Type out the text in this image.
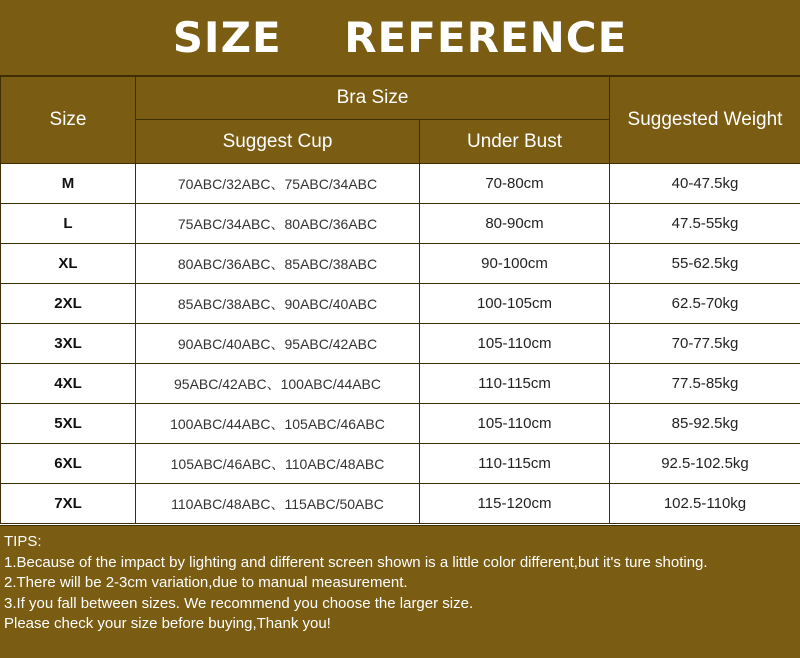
SIZE    REFERENCE
Size	Bra Size		Suggested Weight
	Suggest Cup	Under Bust	
M	70ABC/32ABC、75ABC/34ABC	70-80cm	40-47.5kg
L	75ABC/34ABC、80ABC/36ABC	80-90cm	47.5-55kg
XL	80ABC/36ABC、85ABC/38ABC	90-100cm	55-62.5kg
2XL	85ABC/38ABC、90ABC/40ABC	100-105cm	62.5-70kg
3XL	90ABC/40ABC、95ABC/42ABC	105-110cm	70-77.5kg
4XL	95ABC/42ABC、100ABC/44ABC	110-115cm	77.5-85kg
5XL	100ABC/44ABC、105ABC/46ABC	105-110cm	85-92.5kg
6XL	105ABC/46ABC、110ABC/48ABC	110-115cm	92.5-102.5kg
7XL	110ABC/48ABC、115ABC/50ABC	115-120cm	102.5-110kg

TIPS:

1.Because of the impact by lighting and different screen shown is a little color different,but it's ture shoting.

2.There will be 2-3cm variation,due to manual measurement.

3.If you fall between sizes. We recommend you choose the larger size.

Please check your size before buying,Thank you!
